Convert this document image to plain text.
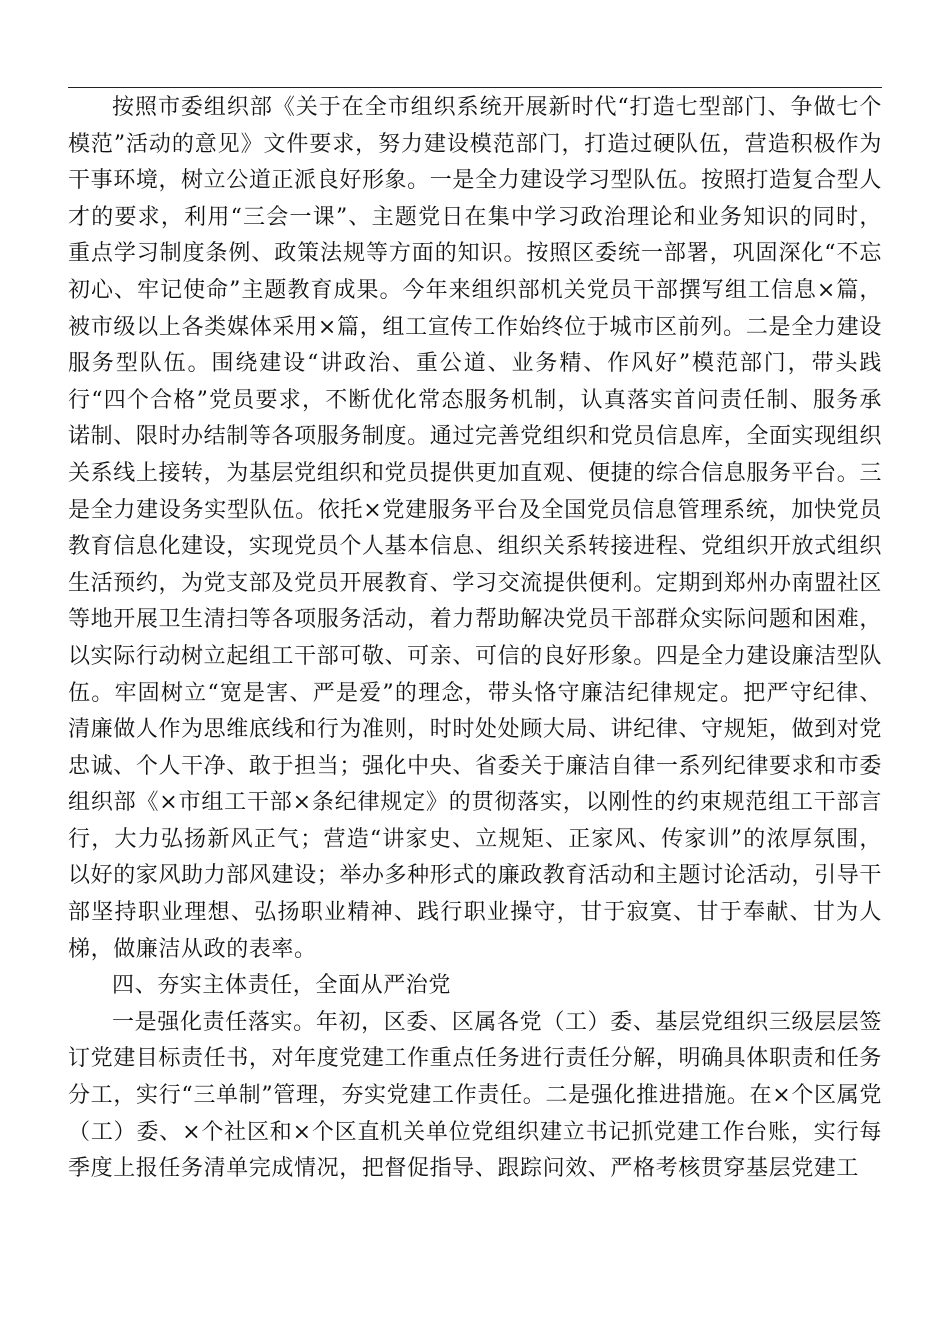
按照市委组织部《关于在全市组织系统开展新时代“打造七型部门、争做七个模范”活动的意见》文件要求，努力建设模范部门，打造过硬队伍，营造积极作为干事环境，树立公道正派良好形象。一是全力建设学习型队伍。按照打造复合型人才的要求，利用“三会一课”、主题党日在集中学习政治理论和业务知识的同时，重点学习制度条例、政策法规等方面的知识。按照区委统一部署，巩固深化“不忘初心、牢记使命”主题教育成果。今年来组织部机关党员干部撰写组工信息×篇，被市级以上各类媒体采用×篇，组工宣传工作始终位于城市区前列。二是全力建设服务型队伍。围绕建设“讲政治、重公道、业务精、作风好”模范部门，带头践行“四个合格”党员要求，不断优化常态服务机制，认真落实首问责任制、服务承诺制、限时办结制等各项服务制度。通过完善党组织和党员信息库，全面实现组织关系线上接转，为基层党组织和党员提供更加直观、便捷的综合信息服务平台。三是全力建设务实型队伍。依托×党建服务平台及全国党员信息管理系统，加快党员教育信息化建设，实现党员个人基本信息、组织关系转接进程、党组织开放式组织生活预约，为党支部及党员开展教育、学习交流提供便利。定期到郑州办南盟社区等地开展卫生清扫等各项服务活动，着力帮助解决党员干部群众实际问题和困难，以实际行动树立起组工干部可敬、可亲、可信的良好形象。四是全力建设廉洁型队伍。牢固树立“宽是害、严是爱”的理念，带头恪守廉洁纪律规定。把严守纪律、清廉做人作为思维底线和行为准则，时时处处顾大局、讲纪律、守规矩，做到对党忠诚、个人干净、敢于担当；强化中央、省委关于廉洁自律一系列纪律要求和市委组织部《×市组工干部×条纪律规定》的贯彻落实，以刚性的约束规范组工干部言行，大力弘扬新风正气；营造“讲家史、立规矩、正家风、传家训”的浓厚氛围，以好的家风助力部风建设；举办多种形式的廉政教育活动和主题讨论活动，引导干部坚持职业理想、弘扬职业精神、践行职业操守，甘于寂寞、甘于奉献、甘为人梯，做廉洁从政的表率。

四、夯实主体责任，全面从严治党

一是强化责任落实。年初，区委、区属各党（工）委、基层党组织三级层层签订党建目标责任书，对年度党建工作重点任务进行责任分解，明确具体职责和任务分工，实行“三单制”管理，夯实党建工作责任。二是强化推进措施。在×个区属党（工）委、×个社区和×个区直机关单位党组织建立书记抓党建工作台账，实行每季度上报任务清单完成情况，把督促指导、跟踪问效、严格考核贯穿基层党建工
